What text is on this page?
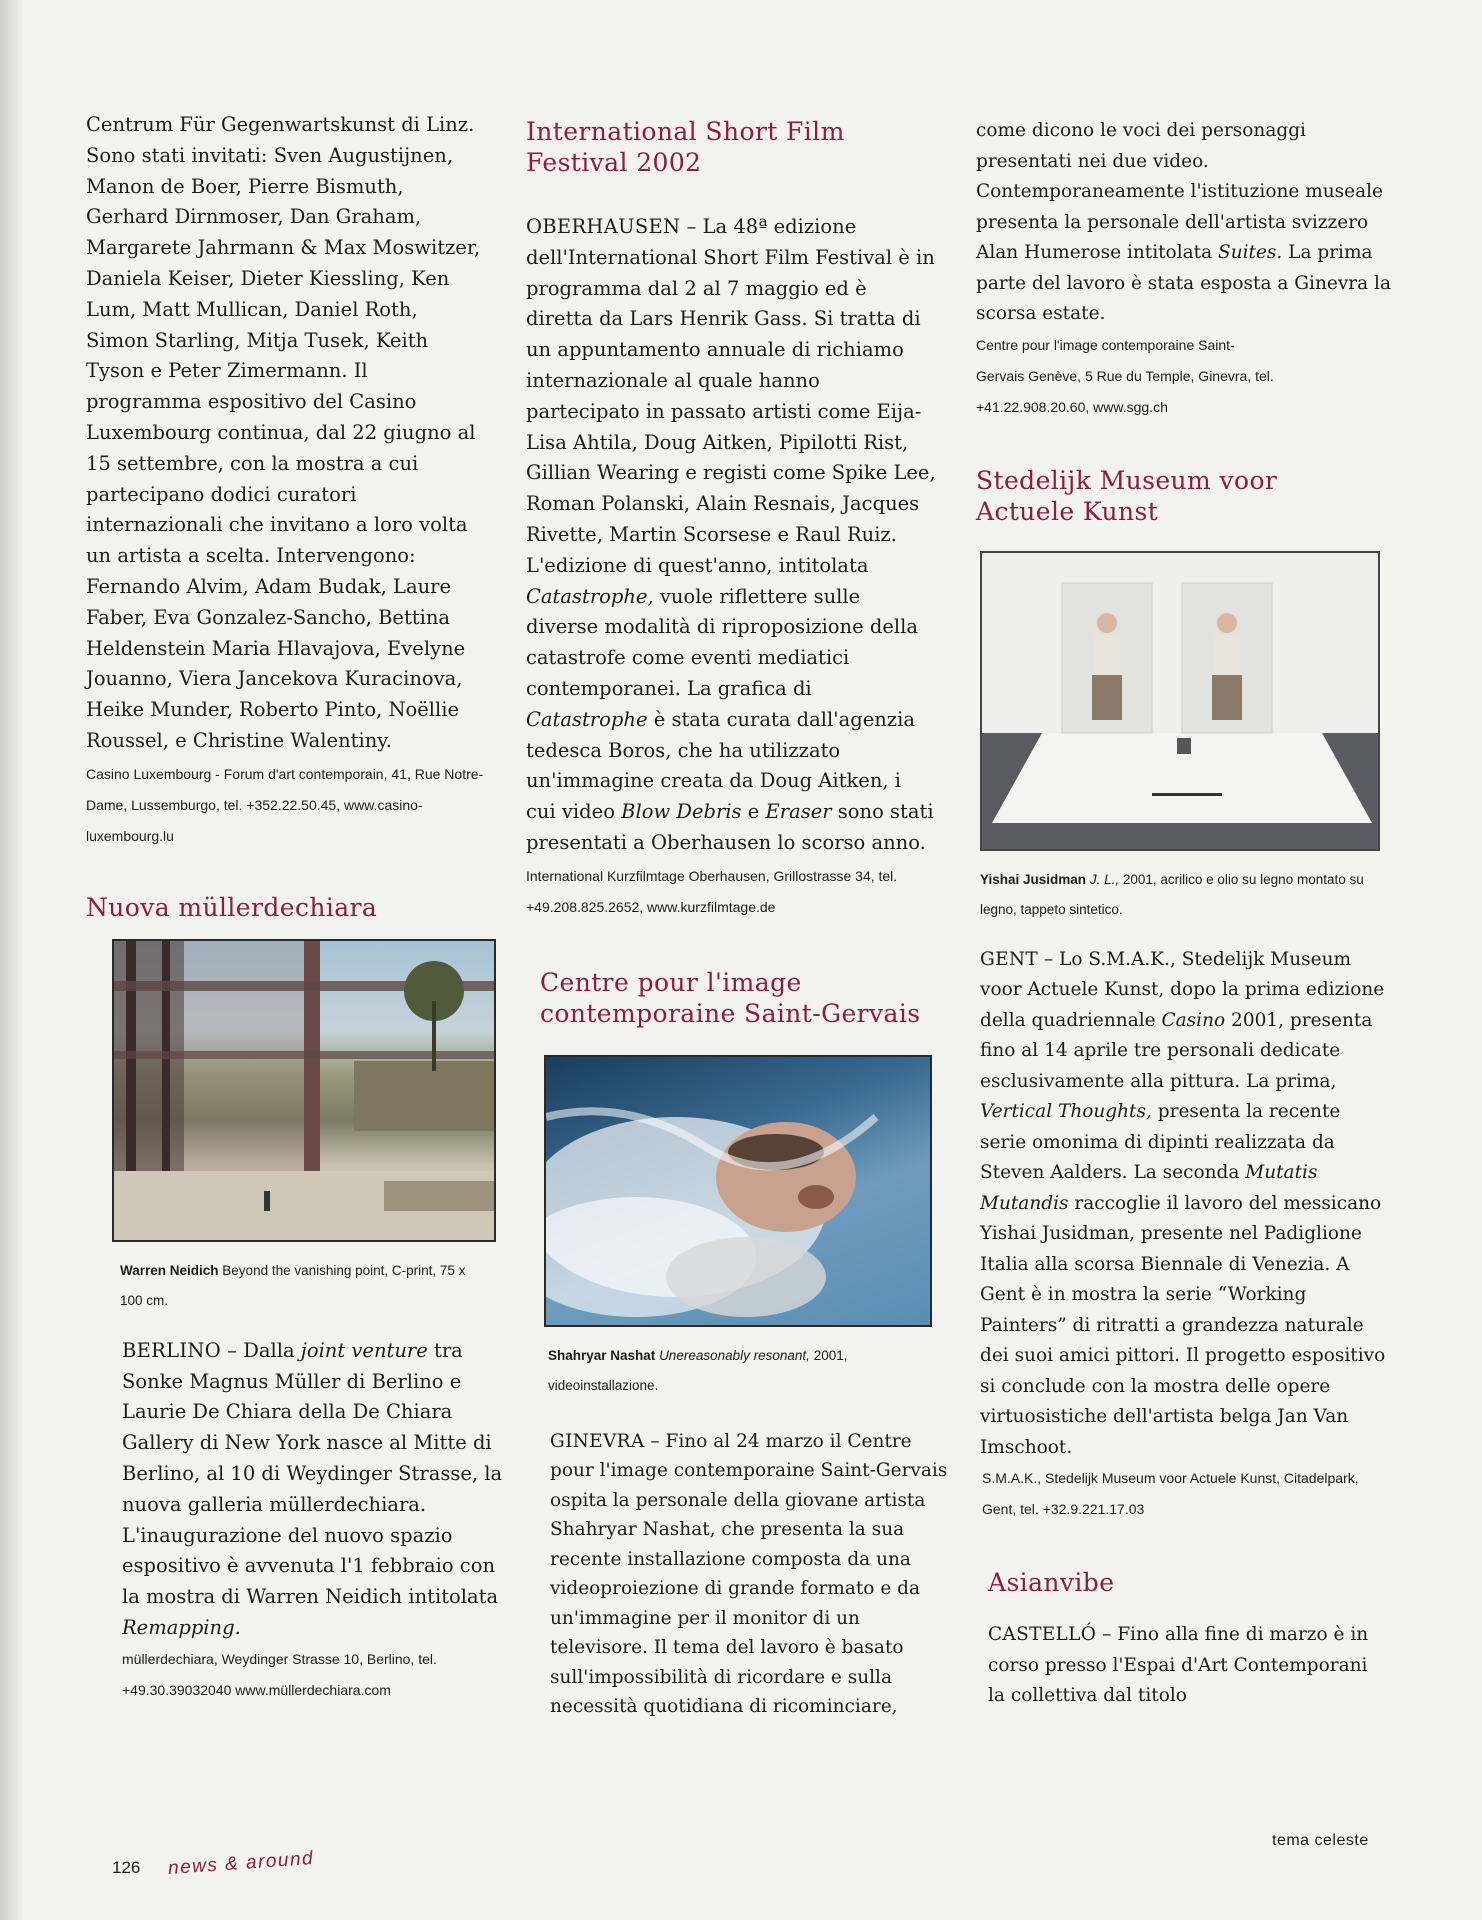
Centrum Für Gegenwartskunst di Linz. Sono stati invitati: Sven Augustijnen, Manon de Boer, Pierre Bismuth, Gerhard Dirnmoser, Dan Graham, Margarete Jahrmann & Max Moswitzer, Daniela Keiser, Dieter Kiessling, Ken Lum, Matt Mullican, Daniel Roth, Simon Starling, Mitja Tusek, Keith Tyson e Peter Zimermann. Il programma espositivo del Casino Luxembourg continua, dal 22 giugno al 15 settembre, con la mostra a cui partecipano dodici curatori internazionali che invitano a loro volta un artista a scelta. Intervengono: Fernando Alvim, Adam Budak, Laure Faber, Eva Gonzalez-Sancho, Bettina Heldenstein Maria Hlavajova, Evelyne Jouanno, Viera Jancekova Kuracinova, Heike Munder, Roberto Pinto, Noëllie Roussel, e Christine Walentiny.

Casino Luxembourg - Forum d'art contemporain, 41, Rue Notre-Dame, Lussemburgo, tel. +352.22.50.45, www.casino-luxembourg.lu

Nuova müllerdechiara

Warren Neidich Beyond the vanishing point, C-print, 75 x 100 cm.

BERLINO – Dalla joint venture tra Sonke Magnus Müller di Berlino e Laurie De Chiara della De Chiara Gallery di New York nasce al Mitte di Berlino, al 10 di Weydinger Strasse, la nuova galleria müllerdechiara. L'inaugurazione del nuovo spazio espositivo è avvenuta l'1 febbraio con la mostra di Warren Neidich intitolata Remapping.

müllerdechiara, Weydinger Strasse 10, Berlino, tel. +49.30.39032040 www.müllerdechiara.com

International Short Film Festival 2002

OBERHAUSEN – La 48ª edizione dell'International Short Film Festival è in programma dal 2 al 7 maggio ed è diretta da Lars Henrik Gass. Si tratta di un appuntamento annuale di richiamo internazionale al quale hanno partecipato in passato artisti come Eija-Lisa Ahtila, Doug Aitken, Pipilotti Rist, Gillian Wearing e registi come Spike Lee, Roman Polanski, Alain Resnais, Jacques Rivette, Martin Scorsese e Raul Ruiz. L'edizione di quest'anno, intitolata Catastrophe, vuole riflettere sulle diverse modalità di riproposizione della catastrofe come eventi mediatici contemporanei. La grafica di Catastrophe è stata curata dall'agenzia tedesca Boros, che ha utilizzato un'immagine creata da Doug Aitken, i cui video Blow Debris e Eraser sono stati presentati a Oberhausen lo scorso anno.

International Kurzfilmtage Oberhausen, Grillostrasse 34, tel. +49.208.825.2652, www.kurzfilmtage.de

Centre pour l'image contemporaine Saint-Gervais

Shahryar Nashat Unereasonably resonant, 2001, videoinstallazione.

GINEVRA – Fino al 24 marzo il Centre pour l'image contemporaine Saint-Gervais ospita la personale della giovane artista Shahryar Nashat, che presenta la sua recente installazione composta da una videoproiezione di grande formato e da un'immagine per il monitor di un televisore. Il tema del lavoro è basato sull'impossibilità di ricordare e sulla necessità quotidiana di ricominciare,

come dicono le voci dei personaggi presentati nei due video. Contemporaneamente l'istituzione museale presenta la personale dell'artista svizzero Alan Humerose intitolata Suites. La prima parte del lavoro è stata esposta a Ginevra la scorsa estate.

Centre pour l'image contemporaine Saint-Gervais Genève, 5 Rue du Temple, Ginevra, tel. +41.22.908.20.60, www.sgg.ch

Stedelijk Museum voor Actuele Kunst

Yishai Jusidman J. L., 2001, acrilico e olio su legno montato su legno, tappeto sintetico.

GENT – Lo S.M.A.K., Stedelijk Museum voor Actuele Kunst, dopo la prima edizione della quadriennale Casino 2001, presenta fino al 14 aprile tre personali dedicate esclusivamente alla pittura. La prima, Vertical Thoughts, presenta la recente serie omonima di dipinti realizzata da Steven Aalders. La seconda Mutatis Mutandis raccoglie il lavoro del messicano Yishai Jusidman, presente nel Padiglione Italia alla scorsa Biennale di Venezia. A Gent è in mostra la serie “Working Painters” di ritratti a grandezza naturale dei suoi amici pittori. Il progetto espositivo si conclude con la mostra delle opere virtuosistiche dell'artista belga Jan Van Imschoot.

S.M.A.K., Stedelijk Museum voor Actuele Kunst, Citadelpark, Gent, tel. +32.9.221.17.03

Asianvibe

CASTELLÓ – Fino alla fine di marzo è in corso presso l'Espai d'Art Contemporani la collettiva dal titolo

126 news & around
tema celeste
